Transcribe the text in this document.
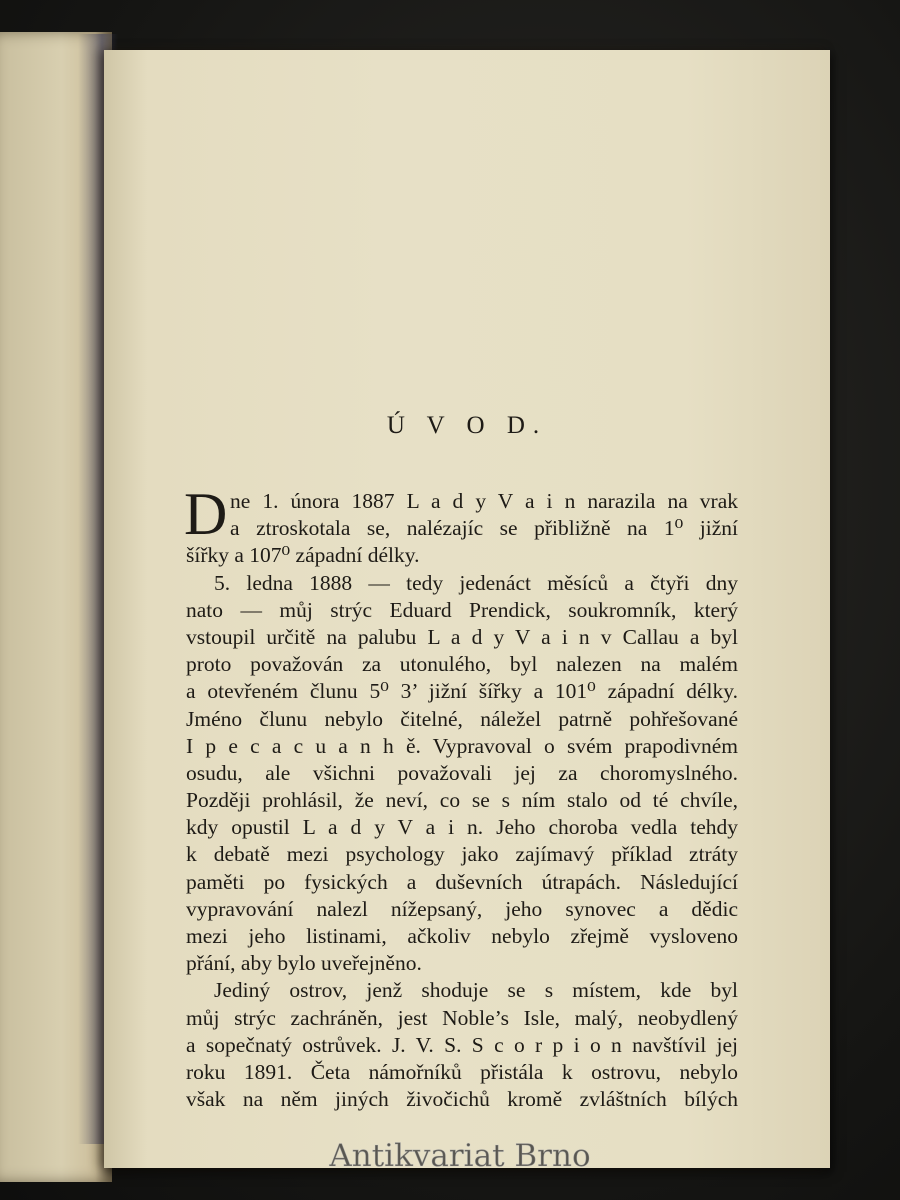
Ú V O D.
D ne 1. února 1887 L a d y V a i n narazila na vrak
a ztroskotala se, nalézajíc se přibližně na 1⁰ jižní
šířky a 107⁰ západní délky.
5. ledna 1888 — tedy jedenáct měsíců a čtyři dny
nato — můj strýc Eduard Prendick, soukromník, který
vstoupil určitě na palubu L a d y V a i n v Callau a byl
proto považován za utonulého, byl nalezen na malém
a otevřeném člunu 5⁰ 3’ jižní šířky a 101⁰ západní délky.
Jméno člunu nebylo čitelné, náležel patrně pohřešované
I p e c a c u a n h ě. Vypravoval o svém prapodivném
osudu, ale všichni považovali jej za choromyslného.
Později prohlásil, že neví, co se s ním stalo od té chvíle,
kdy opustil L a d y V a i n. Jeho choroba vedla tehdy
k debatě mezi psychology jako zajímavý příklad ztráty
paměti po fysických a duševních útrapách. Následující
vypravování nalezl nížepsaný, jeho synovec a dědic
mezi jeho listinami, ačkoliv nebylo zřejmě vysloveno
přání, aby bylo uveřejněno.
Jediný ostrov, jenž shoduje se s místem, kde byl
můj strýc zachráněn, jest Noble’s Isle, malý, neobydlený
a sopečnatý ostrůvek. J. V. S. S c o r p i o n navštívil jej
roku 1891. Četa námořníků přistála k ostrovu, nebylo
však na něm jiných živočichů kromě zvláštních bílých
Antikvariat Brno
